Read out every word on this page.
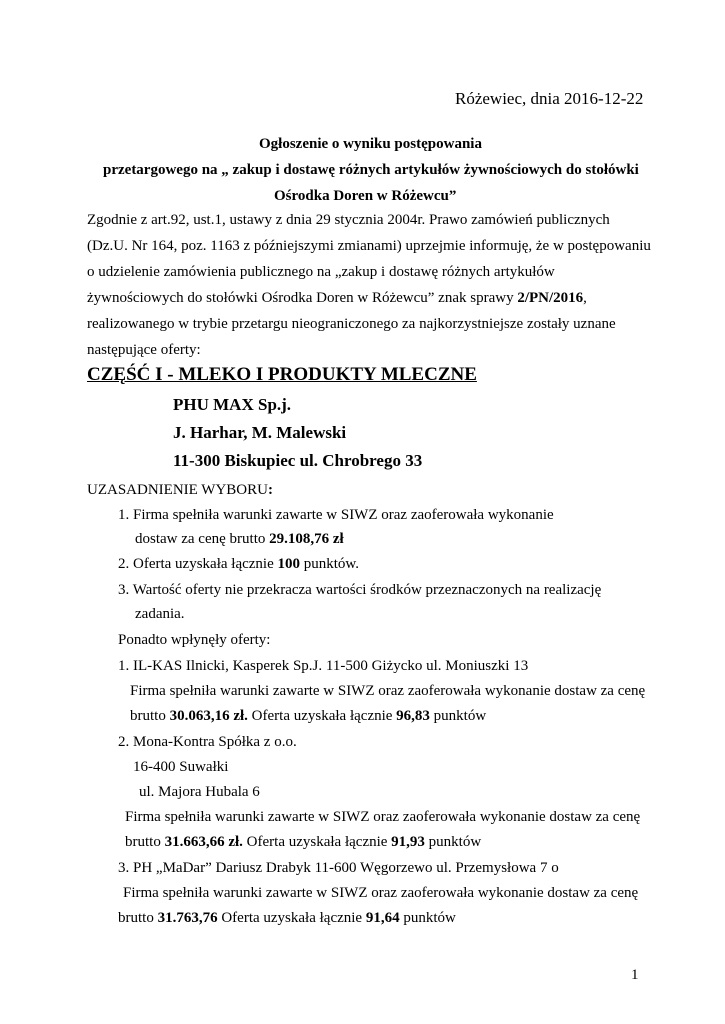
Różewiec, dnia 2016-12-22
Ogłoszenie o wyniku postępowania
przetargowego na „ zakup i dostawę różnych artykułów żywnościowych do stołówki
Ośrodka Doren w Różewcu”
Zgodnie z art.92, ust.1, ustawy z dnia 29 stycznia 2004r. Prawo zamówień publicznych
(Dz.U. Nr 164, poz. 1163 z późniejszymi zmianami) uprzejmie informuję, że w postępowaniu
o udzielenie zamówienia publicznego na „zakup i dostawę różnych artykułów
żywnościowych do stołówki Ośrodka Doren w Różewcu” znak sprawy 2/PN/2016,
realizowanego w trybie przetargu nieograniczonego za najkorzystniejsze zostały uznane
następujące oferty:
CZĘŚĆ I - MLEKO I PRODUKTY MLECZNE
PHU MAX Sp.j.
J. Harhar, M. Malewski
11-300 Biskupiec ul. Chrobrego 33
UZASADNIENIE WYBORU:
1. Firma spełniła warunki zawarte w SIWZ oraz zaoferowała wykonanie
dostaw za cenę brutto 29.108,76 zł
2. Oferta uzyskała łącznie 100 punktów.
3. Wartość oferty nie przekracza wartości środków przeznaczonych na realizację
zadania.
Ponadto wpłynęły oferty:
1. IL-KAS Ilnicki, Kasperek Sp.J. 11-500 Giżycko ul. Moniuszki 13
Firma spełniła warunki zawarte w SIWZ oraz zaoferowała wykonanie dostaw za cenę
brutto 30.063,16 zł. Oferta uzyskała łącznie 96,83 punktów
2. Mona-Kontra Spółka z o.o.
16-400 Suwałki
ul. Majora Hubala 6
Firma spełniła warunki zawarte w SIWZ oraz zaoferowała wykonanie dostaw za cenę
brutto 31.663,66 zł. Oferta uzyskała łącznie 91,93 punktów
3. PH „MaDar” Dariusz Drabyk 11-600 Węgorzewo ul. Przemysłowa 7 o
Firma spełniła warunki zawarte w SIWZ oraz zaoferowała wykonanie dostaw za cenę
brutto 31.763,76 Oferta uzyskała łącznie 91,64 punktów
1
